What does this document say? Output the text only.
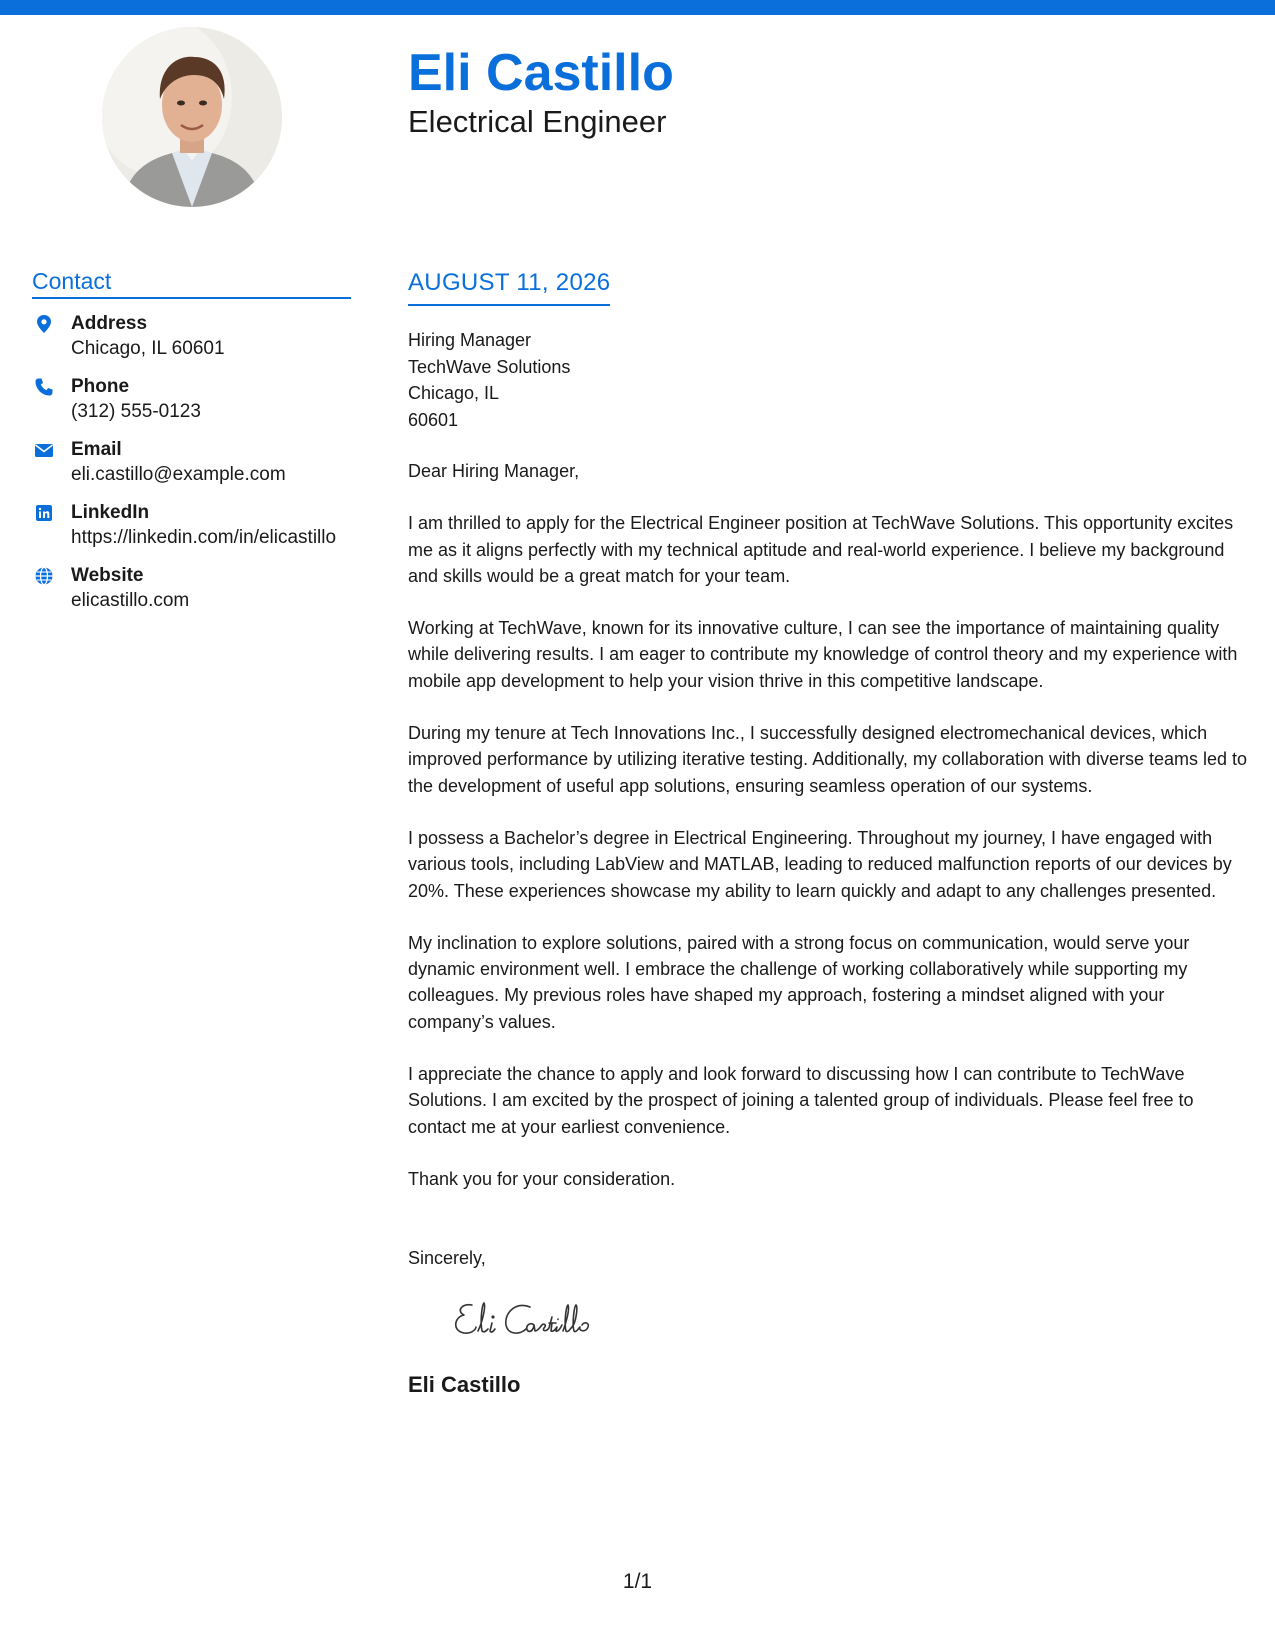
Eli Castillo
Electrical Engineer
Contact
Address
Chicago, IL 60601
Phone
(312) 555-0123
Email
eli.castillo@example.com
LinkedIn
https://linkedin.com/in/elicastillo
Website
elicastillo.com
AUGUST 11, 2026
Hiring Manager
TechWave Solutions
Chicago, IL
60601

Dear Hiring Manager,

I am thrilled to apply for the Electrical Engineer position at TechWave Solutions. This opportunity excites me as it aligns perfectly with my technical aptitude and real-world experience. I believe my background and skills would be a great match for your team.

Working at TechWave, known for its innovative culture, I can see the importance of maintaining quality while delivering results. I am eager to contribute my knowledge of control theory and my experience with mobile app development to help your vision thrive in this competitive landscape.

During my tenure at Tech Innovations Inc., I successfully designed electromechanical devices, which improved performance by utilizing iterative testing. Additionally, my collaboration with diverse teams led to the development of useful app solutions, ensuring seamless operation of our systems.

I possess a Bachelor’s degree in Electrical Engineering. Throughout my journey, I have engaged with various tools, including LabView and MATLAB, leading to reduced malfunction reports of our devices by 20%. These experiences showcase my ability to learn quickly and adapt to any challenges presented.

My inclination to explore solutions, paired with a strong focus on communication, would serve your dynamic environment well. I embrace the challenge of working collaboratively while supporting my colleagues. My previous roles have shaped my approach, fostering a mindset aligned with your company’s values.

I appreciate the chance to apply and look forward to discussing how I can contribute to TechWave Solutions. I am excited by the prospect of joining a talented group of individuals. Please feel free to contact me at your earliest convenience.

Thank you for your consideration.

Sincerely,
Eli Castillo
1/1
